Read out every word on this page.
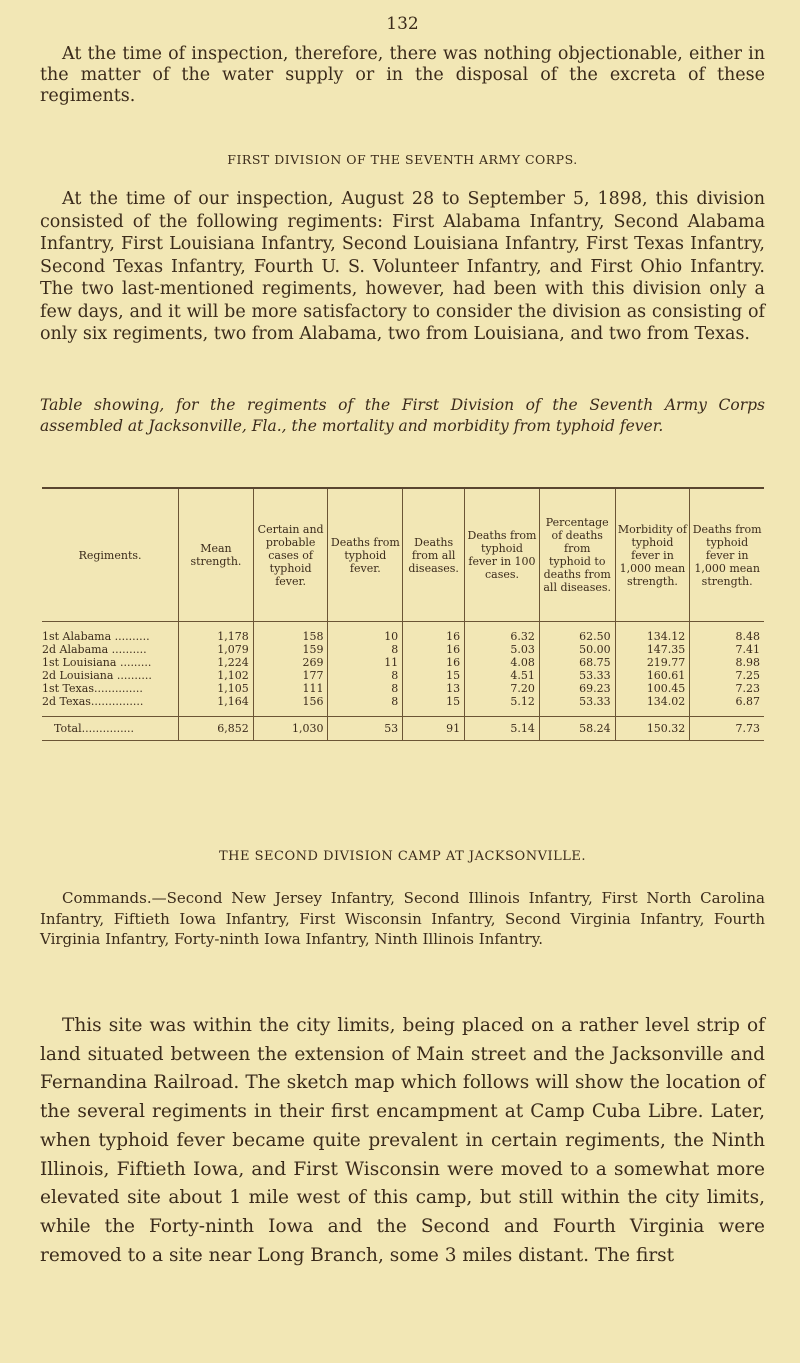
132

At the time of inspection, therefore, there was nothing objectionable, either in the matter of the water supply or in the disposal of the excreta of these regiments.

FIRST DIVISION OF THE SEVENTH ARMY CORPS.

At the time of our inspection, August 28 to September 5, 1898, this division consisted of the following regiments: First Alabama Infantry, Second Alabama Infantry, First Louisiana Infantry, Second Louisiana Infantry, First Texas Infantry, Second Texas Infantry, Fourth U. S. Volunteer Infantry, and First Ohio Infantry. The two last-mentioned regiments, however, had been with this division only a few days, and it will be more satisfactory to consider the division as consisting of only six regiments, two from Alabama, two from Louisiana, and two from Texas.

Table showing, for the regiments of the First Division of the Seventh Army Corps assembled at Jacksonville, Fla., the mortality and morbidity from typhoid fever.

Regiments.	Mean strength.	Certain and probable cases of typhoid fever.	Deaths from typhoid fever.	Deaths from all diseases.	Deaths from typhoid fever in 100 cases.	Percentage of deaths from typhoid to deaths from all diseases.	Morbidity of typhoid fever in 1,000 mean strength.	Deaths from typhoid fever in 1,000 mean strength.
1st Alabama ..........	1,178	158	10	16	6.32	62.50	134.12	8.48
2d Alabama ..........	1,079	159	8	16	5.03	50.00	147.35	7.41
1st Louisiana .........	1,224	269	11	16	4.08	68.75	219.77	8.98
2d Louisiana ..........	1,102	177	8	15	4.51	53.33	160.61	7.25
1st Texas..............	1,105	111	8	13	7.20	69.23	100.45	7.23
2d Texas...............	1,164	156	8	15	5.12	53.33	134.02	6.87
Total...............	6,852	1,030	53	91	5.14	58.24	150.32	7.73
THE SECOND DIVISION CAMP AT JACKSONVILLE.

Commands.—Second New Jersey Infantry, Second Illinois Infantry, First North Carolina Infantry, Fiftieth Iowa Infantry, First Wisconsin Infantry, Second Virginia Infantry, Fourth Virginia Infantry, Forty-ninth Iowa Infantry, Ninth Illinois Infantry.

This site was within the city limits, being placed on a rather level strip of land situated between the extension of Main street and the Jacksonville and Fernandina Railroad. The sketch map which follows will show the location of the several regiments in their first encampment at Camp Cuba Libre. Later, when typhoid fever became quite prevalent in certain regiments, the Ninth Illinois, Fiftieth Iowa, and First Wisconsin were moved to a somewhat more elevated site about 1 mile west of this camp, but still within the city limits, while the Forty-ninth Iowa and the Second and Fourth Virginia were removed to a site near Long Branch, some 3 miles distant. The first
